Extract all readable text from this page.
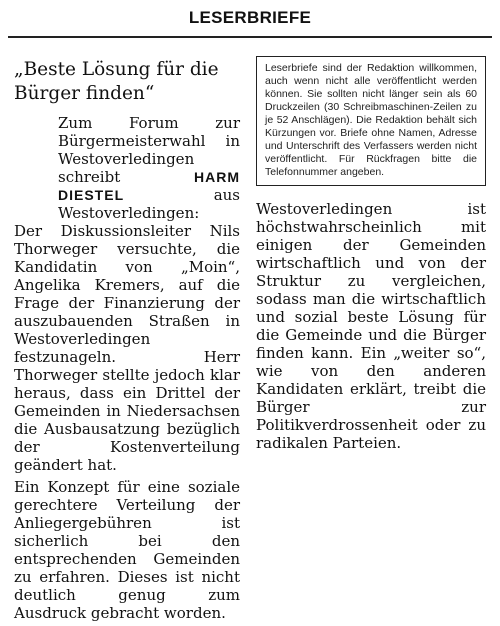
LESERBRIEFE
„Beste Lösung für die Bürger finden“

Zum Forum zur Bürgermeisterwahl in Westoverledingen schreibt	HARM DIESTEL	aus Westoverledingen:

Der Diskussionsleiter Nils Thorweger versuchte, die Kandidatin von „Moin“, Angelika Kremers, auf die Frage der Finanzierung der auszubauenden Straßen in Westoverledingen festzunageln. Herr Thorweger stellte jedoch klar heraus, dass ein Drittel der Gemeinden in Niedersachsen die Ausbausatzung bezüglich der Kostenverteilung geändert hat.

Ein Konzept für eine soziale gerechtere Verteilung der Anliegergebühren ist sicherlich bei den entsprechenden Gemeinden zu erfahren. Dieses ist nicht deutlich genug zum Ausdruck gebracht worden.

Leserbriefe sind der Redaktion willkommen, auch wenn nicht alle veröffentlicht werden können. Sie sollten nicht länger sein als 60 Druckzeilen (30 Schreibmaschinen-Zeilen zu je 52 Anschlägen). Die Redaktion behält sich Kürzungen vor. Briefe ohne Namen, Adresse und Unterschrift des Verfassers werden nicht veröffentlicht. Für Rückfragen bitte die Telefonnummer angeben.

Westoverledingen ist höchstwahrscheinlich mit einigen der Gemeinden wirtschaftlich und von der Struktur zu vergleichen, sodass man die wirtschaftlich und sozial beste Lösung für die Gemeinde und die Bürger finden kann. Ein „weiter so“, wie von den anderen Kandidaten erklärt, treibt die Bürger zur Politikverdrossenheit oder zu radikalen Parteien.
